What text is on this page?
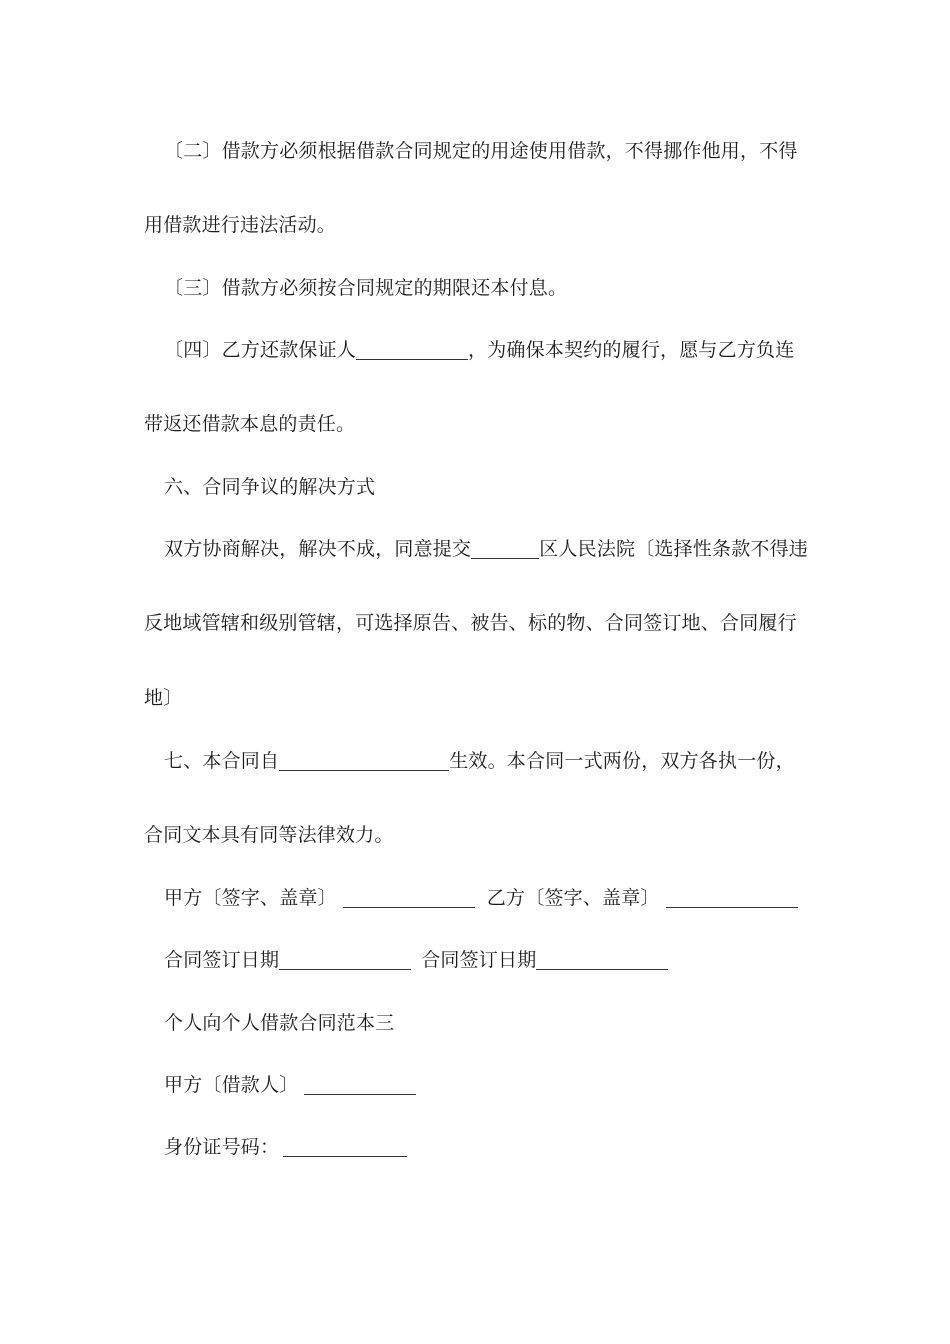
〔二〕借款方必须根据借款合同规定的用途使用借款，不得挪作他用，不得
用借款进行违法活动。
〔三〕借款方必须按合同规定的期限还本付息。
〔四〕乙方还款保证人	，为确保本契约的履行，愿与乙方负连
带返还借款本息的责任。
六、合同争议的解决方式
双方协商解决，解决不成，同意提交	区人民法院〔选择性条款不得违
反地域管辖和级别管辖，可选择原告、被告、标的物、合同签订地、合同履行
地〕
七、本合同自	生效。本合同一式两份，双方各执一份，
合同文本具有同等法律效力。
甲方〔签字、盖章〕	乙方〔签字、盖章〕
合同签订日期	合同签订日期
个人向个人借款合同范本三
甲方〔借款人〕
身份证号码：
